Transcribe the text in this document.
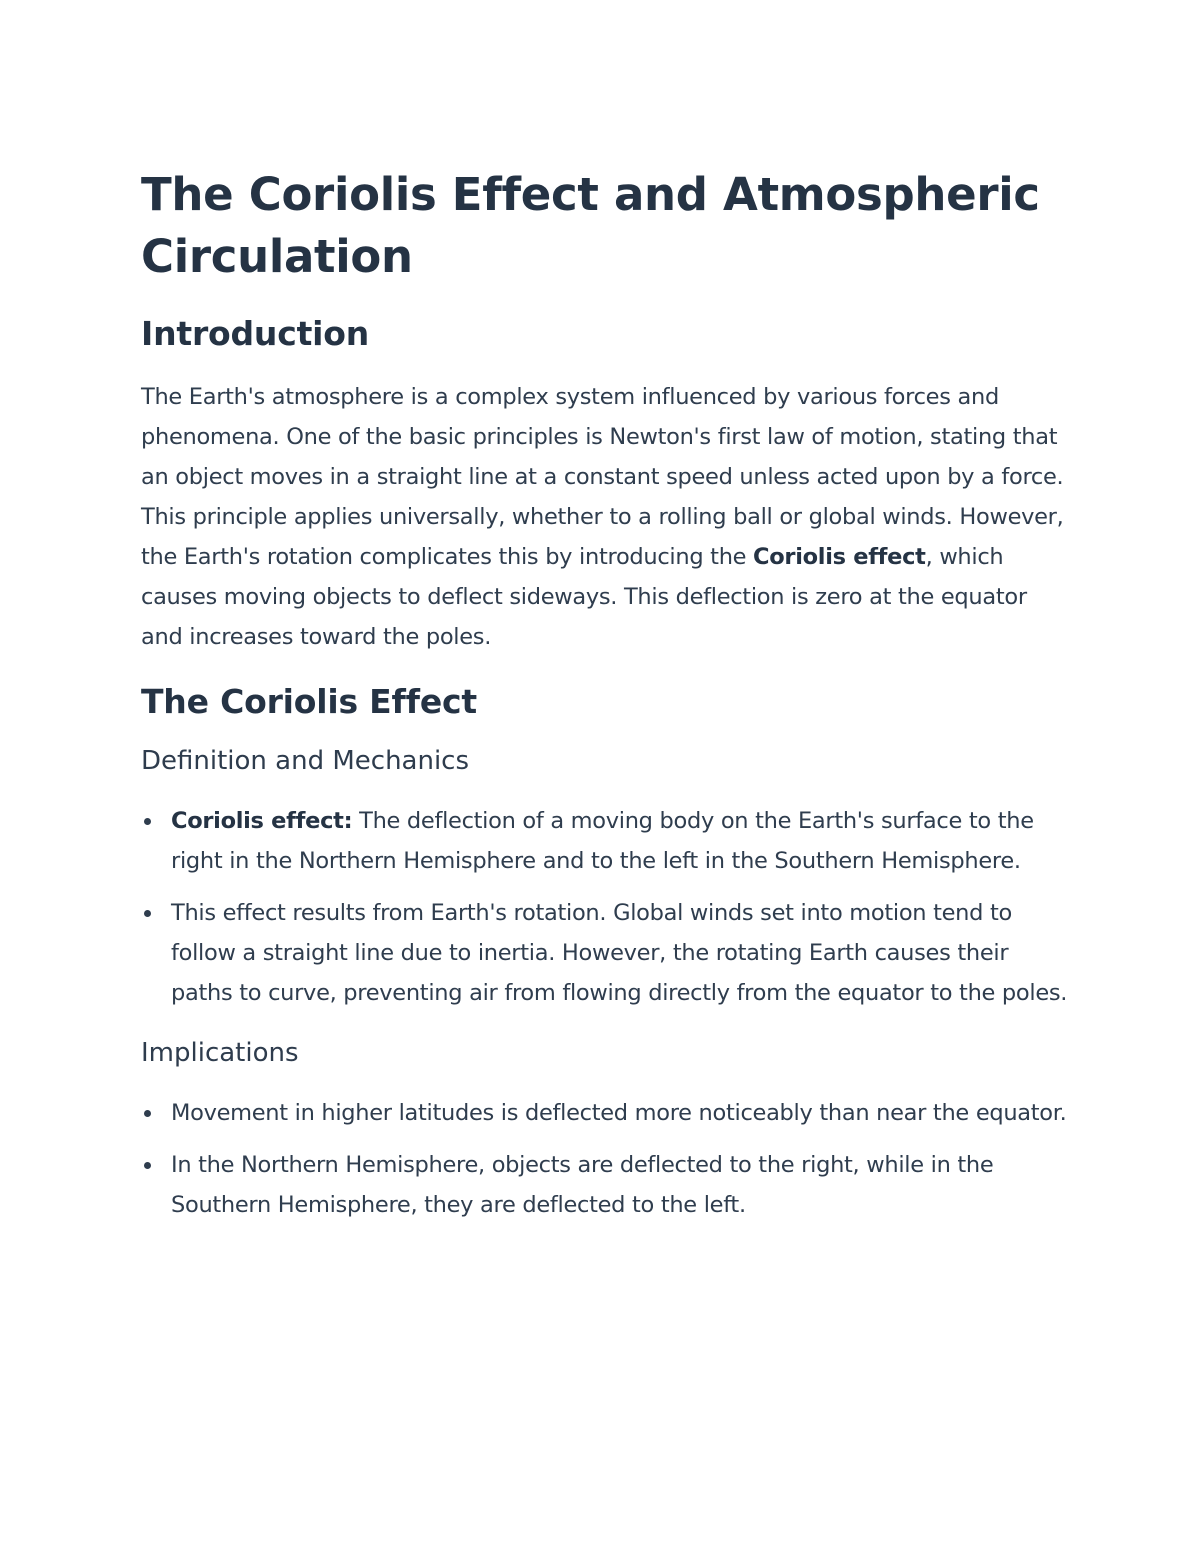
The Coriolis Effect and Atmospheric Circulation
Introduction

The Earth's atmosphere is a complex system influenced by various forces and phenomena. One of the basic principles is Newton's first law of motion, stating that an object moves in a straight line at a constant speed unless acted upon by a force. This principle applies universally, whether to a rolling ball or global winds. However, the Earth's rotation complicates this by introducing the Coriolis effect, which causes moving objects to deflect sideways. This deflection is zero at the equator and increases toward the poles.

The Coriolis Effect
Definition and Mechanics
Coriolis effect: The deflection of a moving body on the Earth's surface to the right in the Northern Hemisphere and to the left in the Southern Hemisphere.
This effect results from Earth's rotation. Global winds set into motion tend to follow a straight line due to inertia. However, the rotating Earth causes their paths to curve, preventing air from flowing directly from the equator to the poles.
Implications
Movement in higher latitudes is deflected more noticeably than near the equator.
In the Northern Hemisphere, objects are deflected to the right, while in the Southern Hemisphere, they are deflected to the left.
